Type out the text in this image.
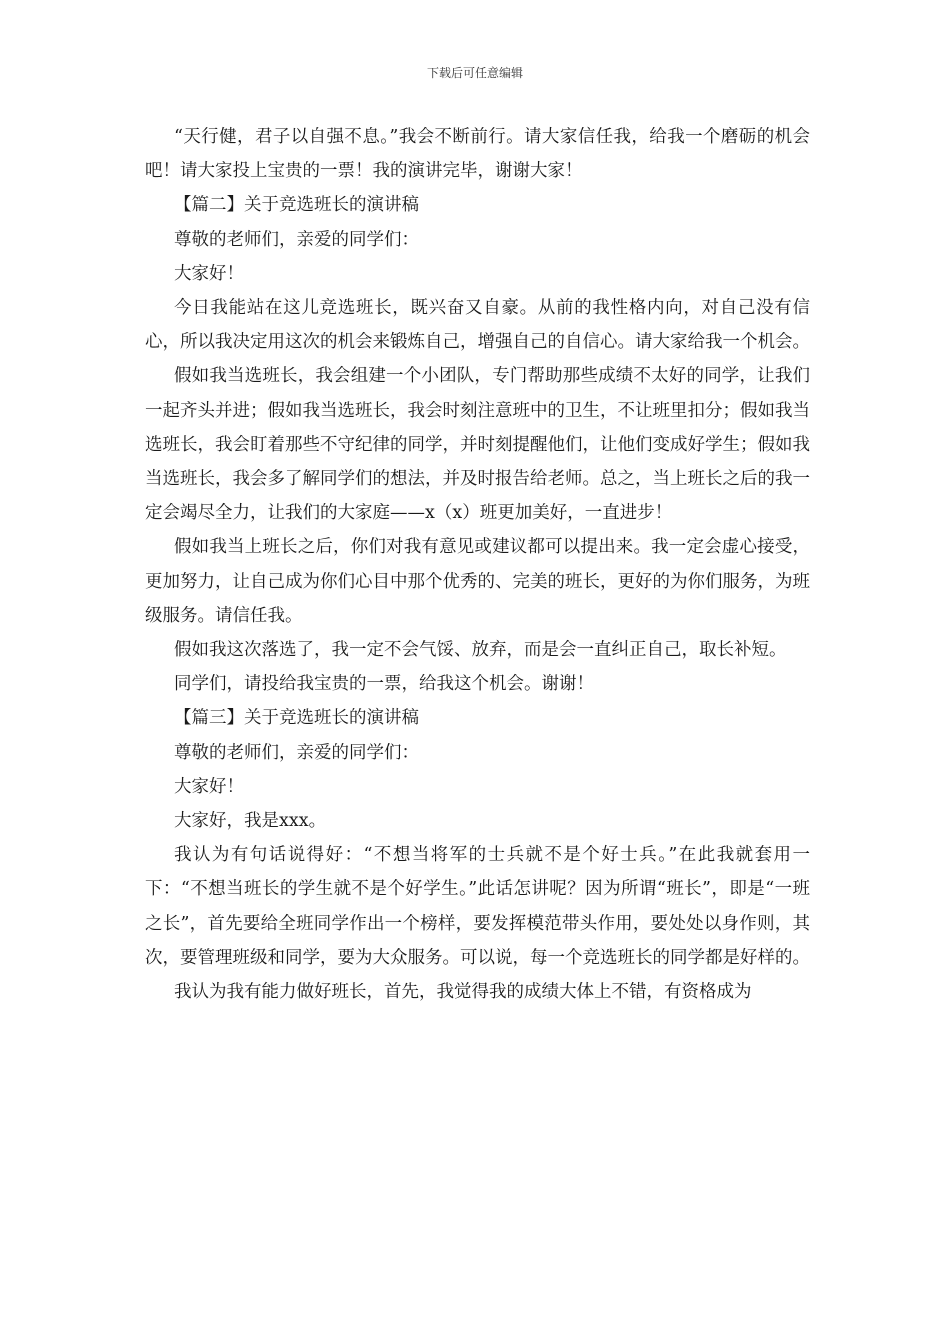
下载后可任意编辑

“天行健，君子以自强不息。”我会不断前行。请大家信任我，给我一个磨砺的机会吧！请大家投上宝贵的一票！我的演讲完毕，谢谢大家！

【篇二】关于竞选班长的演讲稿

尊敬的老师们，亲爱的同学们：

大家好！

今日我能站在这儿竞选班长，既兴奋又自豪。从前的我性格内向，对自己没有信心，所以我决定用这次的机会来锻炼自己，增强自己的自信心。请大家给我一个机会。

假如我当选班长，我会组建一个小团队，专门帮助那些成绩不太好的同学，让我们一起齐头并进；假如我当选班长，我会时刻注意班中的卫生，不让班里扣分；假如我当选班长，我会盯着那些不守纪律的同学，并时刻提醒他们，让他们变成好学生；假如我当选班长，我会多了解同学们的想法，并及时报告给老师。总之，当上班长之后的我一定会竭尽全力，让我们的大家庭——x（x）班更加美好，一直进步！

假如我当上班长之后，你们对我有意见或建议都可以提出来。我一定会虚心接受，更加努力，让自己成为你们心目中那个优秀的、完美的班长，更好的为你们服务，为班级服务。请信任我。

假如我这次落选了，我一定不会气馁、放弃，而是会一直纠正自己，取长补短。

同学们，请投给我宝贵的一票，给我这个机会。谢谢！

【篇三】关于竞选班长的演讲稿

尊敬的老师们，亲爱的同学们：

大家好！

大家好，我是xxx。

我认为有句话说得好：“不想当将军的士兵就不是个好士兵。”在此我就套用一下：“不想当班长的学生就不是个好学生。”此话怎讲呢？因为所谓“班长”，即是“一班之长”，首先要给全班同学作出一个榜样，要发挥模范带头作用，要处处以身作则，其次，要管理班级和同学，要为大众服务。可以说，每一个竞选班长的同学都是好样的。

我认为我有能力做好班长，首先，我觉得我的成绩大体上不错，有资格成为
